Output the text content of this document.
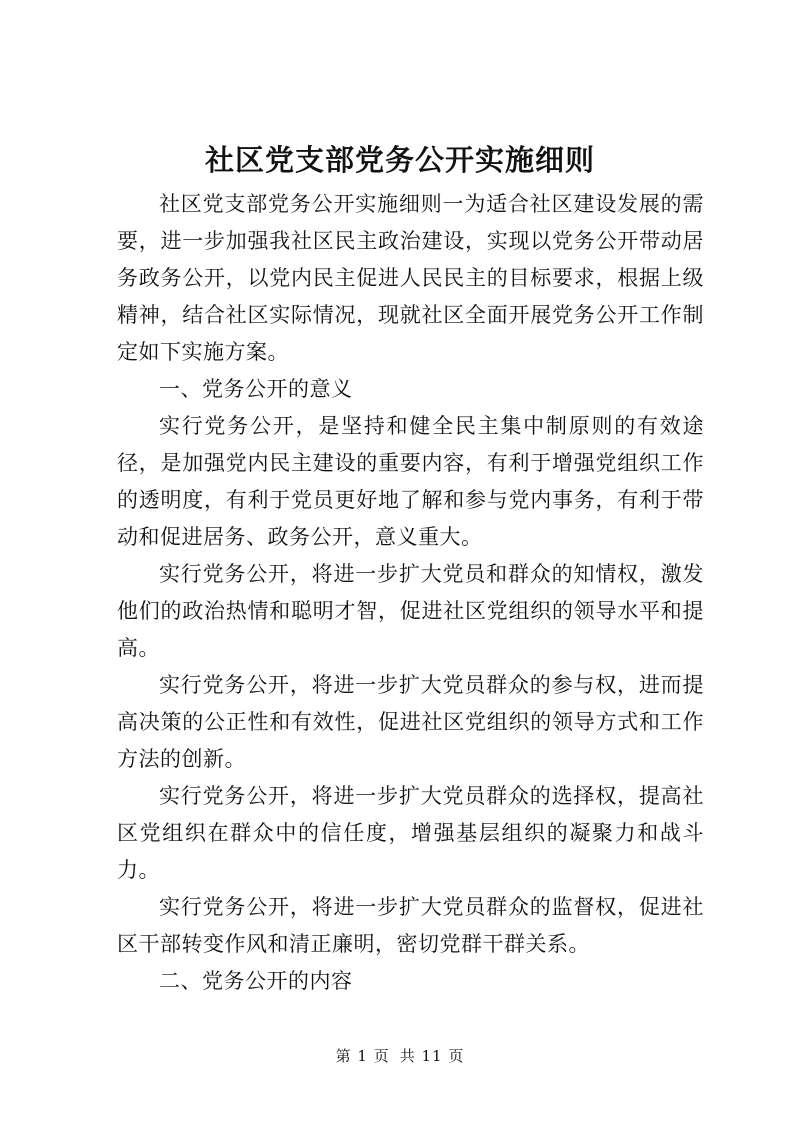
社区党支部党务公开实施细则

社区党支部党务公开实施细则一为适合社区建设发展的需要，进一步加强我社区民主政治建设，实现以党务公开带动居务政务公开，以党内民主促进人民民主的目标要求，根据上级精神，结合社区实际情况，现就社区全面开展党务公开工作制定如下实施方案。

一、党务公开的意义

实行党务公开，是坚持和健全民主集中制原则的有效途径，是加强党内民主建设的重要内容，有利于增强党组织工作的透明度，有利于党员更好地了解和参与党内事务，有利于带动和促进居务、政务公开，意义重大。

实行党务公开，将进一步扩大党员和群众的知情权，激发他们的政治热情和聪明才智，促进社区党组织的领导水平和提高。

实行党务公开，将进一步扩大党员群众的参与权，进而提高决策的公正性和有效性，促进社区党组织的领导方式和工作方法的创新。

实行党务公开，将进一步扩大党员群众的选择权，提高社区党组织在群众中的信任度，增强基层组织的凝聚力和战斗力。

实行党务公开，将进一步扩大党员群众的监督权，促进社区干部转变作风和清正廉明，密切党群干群关系。

二、党务公开的内容

第 1 页 共 11 页
